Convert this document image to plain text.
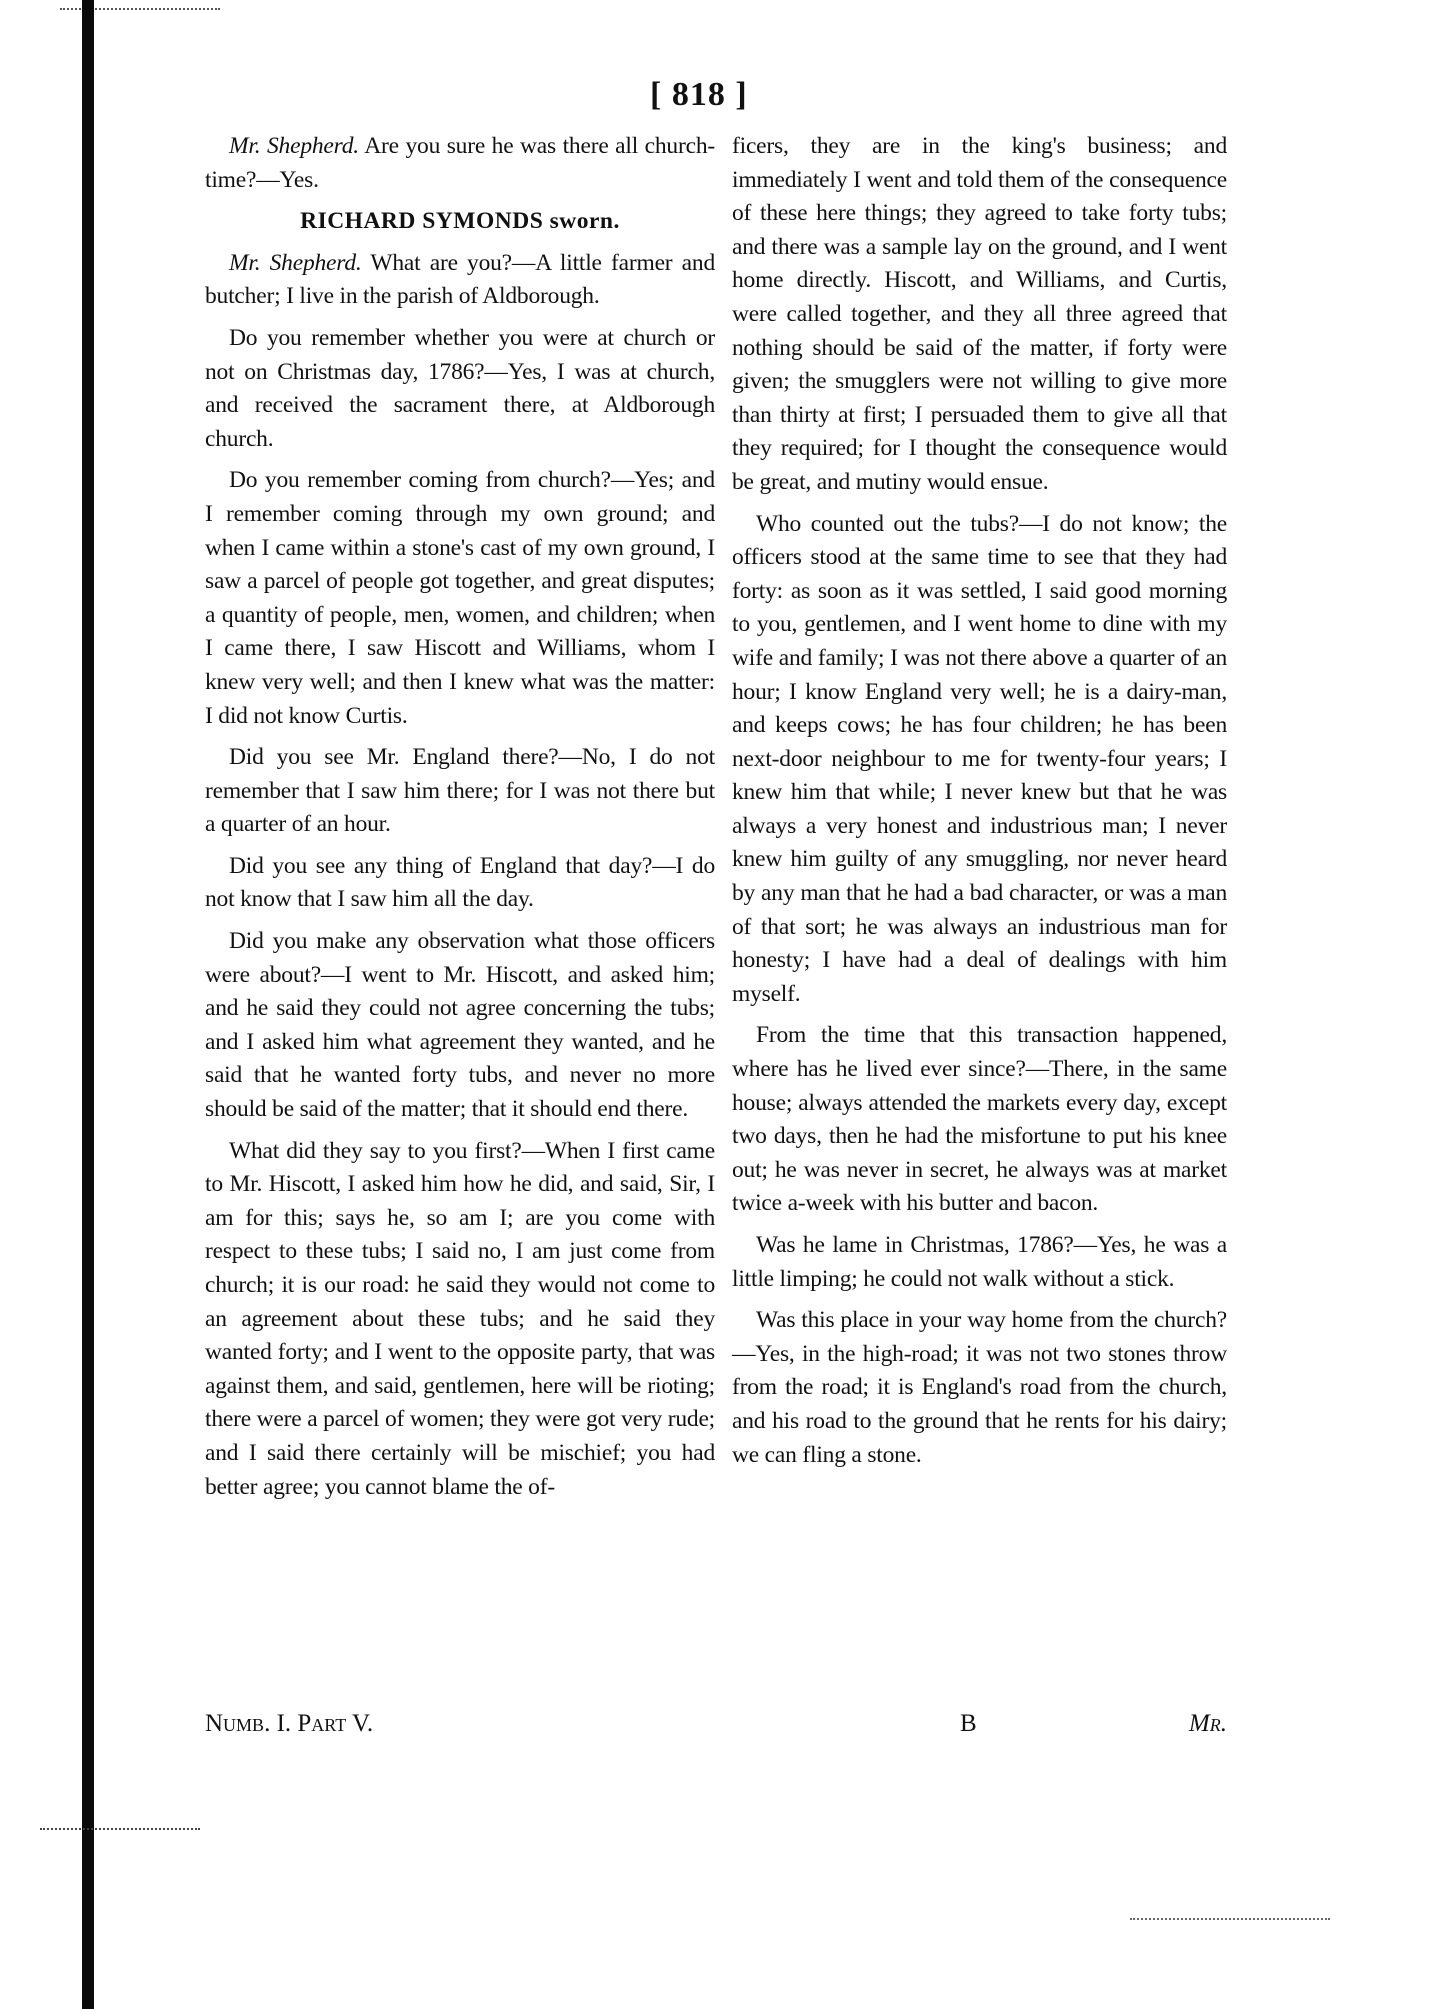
[ 818 ]

Mr. Shepherd. Are you sure he was there all church-time?—Yes.

RICHARD SYMONDS sworn.

Mr. Shepherd. What are you?—A little farmer and butcher; I live in the parish of Aldborough.

Do you remember whether you were at church or not on Christmas day, 1786?—Yes, I was at church, and received the sacrament there, at Aldborough church.

Do you remember coming from church?—Yes; and I remember coming through my own ground; and when I came within a stone's cast of my own ground, I saw a parcel of people got together, and great disputes; a quantity of people, men, women, and children; when I came there, I saw Hiscott and Williams, whom I knew very well; and then I knew what was the matter: I did not know Curtis.

Did you see Mr. England there?—No, I do not remember that I saw him there; for I was not there but a quarter of an hour.

Did you see any thing of England that day?—I do not know that I saw him all the day.

Did you make any observation what those officers were about?—I went to Mr. Hiscott, and asked him; and he said they could not agree concerning the tubs; and I asked him what agreement they wanted, and he said that he wanted forty tubs, and never no more should be said of the matter; that it should end there.

What did they say to you first?—When I first came to Mr. Hiscott, I asked him how he did, and said, Sir, I am for this; says he, so am I; are you come with respect to these tubs; I said no, I am just come from church; it is our road: he said they would not come to an agreement about these tubs; and he said they wanted forty; and I went to the opposite party, that was against them, and said, gentlemen, here will be rioting; there were a parcel of women; they were got very rude; and I said there certainly will be mischief; you had better agree; you cannot blame the of-

ficers, they are in the king's business; and immediately I went and told them of the consequence of these here things; they agreed to take forty tubs; and there was a sample lay on the ground, and I went home directly. Hiscott, and Williams, and Curtis, were called together, and they all three agreed that nothing should be said of the matter, if forty were given; the smugglers were not willing to give more than thirty at first; I persuaded them to give all that they required; for I thought the consequence would be great, and mutiny would ensue.

Who counted out the tubs?—I do not know; the officers stood at the same time to see that they had forty: as soon as it was settled, I said good morning to you, gentlemen, and I went home to dine with my wife and family; I was not there above a quarter of an hour; I know England very well; he is a dairy-man, and keeps cows; he has four children; he has been next-door neighbour to me for twenty-four years; I knew him that while; I never knew but that he was always a very honest and industrious man; I never knew him guilty of any smuggling, nor never heard by any man that he had a bad character, or was a man of that sort; he was always an industrious man for honesty; I have had a deal of dealings with him myself.

From the time that this transaction happened, where has he lived ever since?—There, in the same house; always attended the markets every day, except two days, then he had the misfortune to put his knee out; he was never in secret, he always was at market twice a-week with his butter and bacon.

Was he lame in Christmas, 1786?—Yes, he was a little limping; he could not walk without a stick.

Was this place in your way home from the church?—Yes, in the high-road; it was not two stones throw from the road; it is England's road from the church, and his road to the ground that he rents for his dairy; we can fling a stone.

Numb. I. Part V.	B	Mr.
